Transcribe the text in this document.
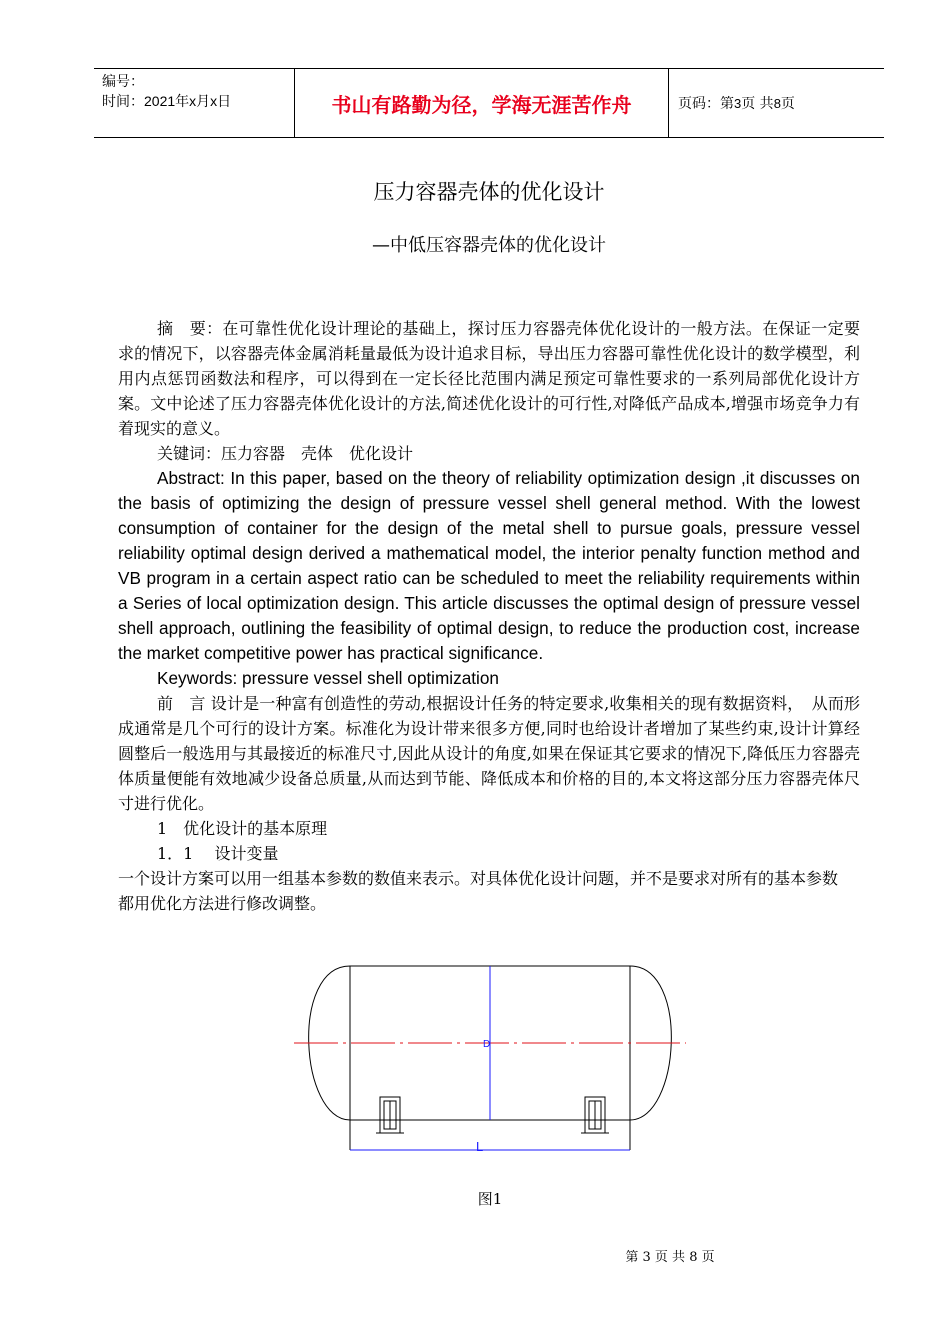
编号：
时间：2021年x月x日	书山有路勤为径，学海无涯苦作舟	页码：第3页 共8页
压力容器壳体的优化设计
—中低压容器壳体的优化设计

摘　要：在可靠性优化设计理论的基础上，探讨压力容器壳体优化设计的一般方法。在保证一定要求的情况下，以容器壳体金属消耗量最低为设计追求目标，导出压力容器可靠性优化设计的数学模型，利用内点惩罚函数法和程序，可以得到在一定长径比范围内满足预定可靠性要求的一系列局部优化设计方案。文中论述了压力容器壳体优化设计的方法,简述优化设计的可行性,对降低产品成本,增强市场竞争力有着现实的意义。

关键词：压力容器　壳体　优化设计

Abstract: In this paper, based on the theory of reliability optimization design ,it discusses on the basis of optimizing the design of pressure vessel shell general method. With the lowest consumption of container for the design of the metal shell to pursue goals, pressure vessel reliability optimal design derived a mathematical model, the interior penalty function method and VB program in a certain aspect ratio can be scheduled to meet the reliability requirements within a Series of local optimization design. This article discusses the optimal design of pressure vessel shell approach, outlining the feasibility of optimal design, to reduce the production cost, increase the market competitive power has practical significance.

Keywords: pressure vessel shell optimization

前　言 设计是一种富有创造性的劳动,根据设计任务的特定要求,收集相关的现有数据资料，　从而形成通常是几个可行的设计方案。标准化为设计带来很多方便,同时也给设计者增加了某些约束,设计计算经圆整后一般选用与其最接近的标准尺寸,因此从设计的角度,如果在保证其它要求的情况下,降低压力容器壳体质量便能有效地减少设备总质量,从而达到节能、降低成本和价格的目的,本文将这部分压力容器壳体尺寸进行优化。

1　优化设计的基本原理

1．1　 设计变量

一个设计方案可以用一组基本参数的数值来表示。对具体优化设计问题，并不是要求对所有的基本参数都用优化方法进行修改调整。

D
L
图1
第 3 页 共 8 页
